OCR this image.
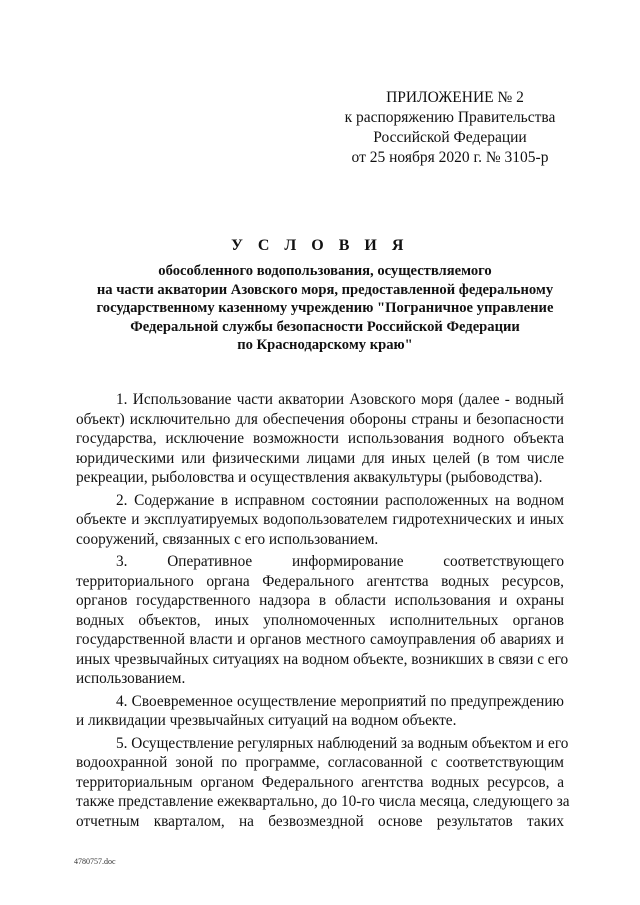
ПРИЛОЖЕНИЕ № 2
к распоряжению Правительства
Российской Федерации
от 25 ноября 2020 г. № 3105-р
У С Л О В И Я
обособленного водопользования, осуществляемого
на части акватории Азовского моря, предоставленной федеральному
государственному казенному учреждению "Пограничное управление
Федеральной службы безопасности Российской Федерации
по Краснодарскому краю"
1. Использование части акватории Азовского моря (далее - водный
объект) исключительно для обеспечения обороны страны и безопасности
государства, исключение возможности использования водного объекта
юридическими или физическими лицами для иных целей (в том числе
рекреации, рыболовства и осуществления аквакультуры (рыбоводства).
2. Содержание в исправном состоянии расположенных на водном
объекте и эксплуатируемых водопользователем гидротехнических и иных
сооружений, связанных с его использованием.
3.	Оперативное	информирование	соответствующего
территориального органа Федерального агентства водных ресурсов,
органов государственного надзора в области использования и охраны
водных объектов, иных уполномоченных исполнительных органов
государственной власти и органов местного самоуправления об авариях и
иных чрезвычайных ситуациях на водном объекте, возникших в связи с его
использованием.
4. Своевременное осуществление мероприятий по предупреждению
и ликвидации чрезвычайных ситуаций на водном объекте.
5. Осуществление регулярных наблюдений за водным объектом и его
водоохранной зоной по программе, согласованной с соответствующим
территориальным органом Федерального агентства водных ресурсов, а
также представление ежеквартально, до 10-го числа месяца, следующего за
отчетным кварталом, на безвозмездной основе результатов таких
4780757.doc
